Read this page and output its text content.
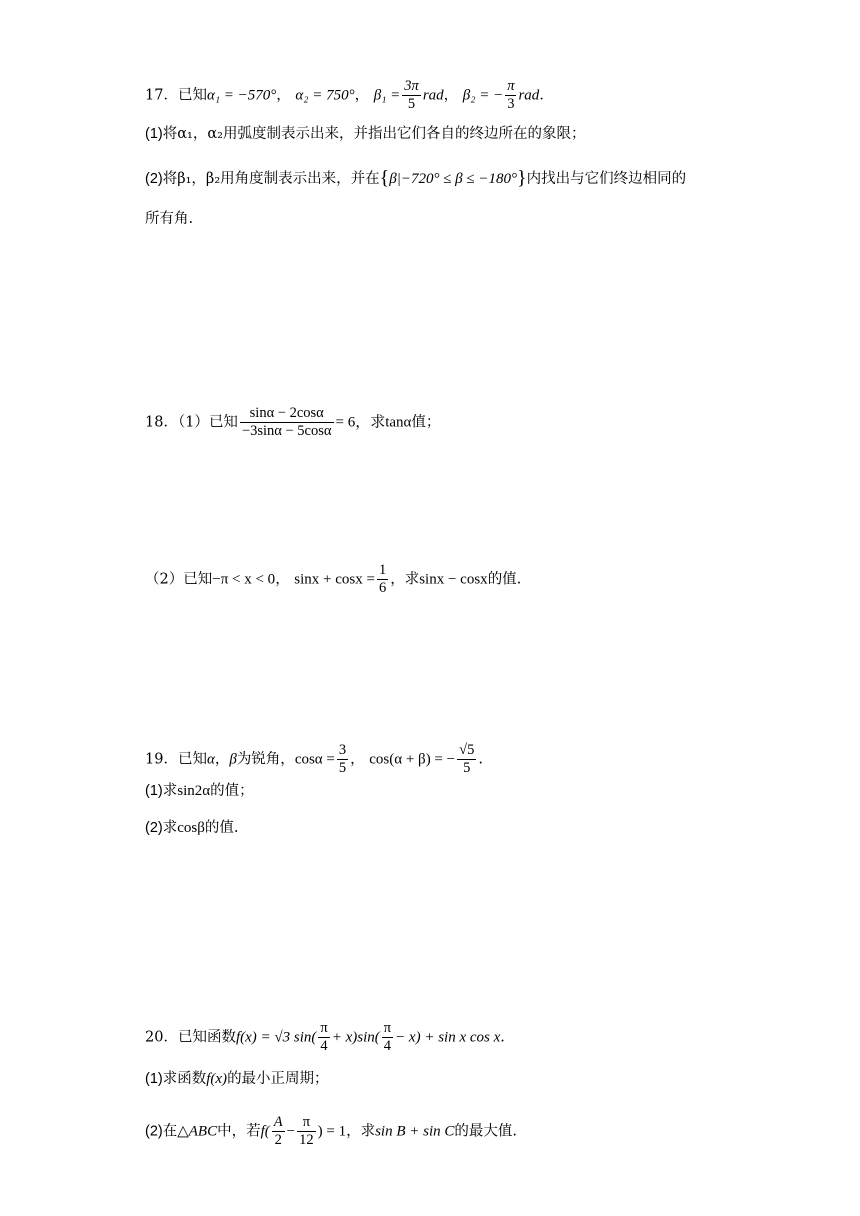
17．已知α₁ = −570°， α₂ = 750°， $\beta_1 = \frac{3\pi}{5}$ rad， β₂ = − $\frac{\pi}{3}$ rad．
(1)将α₁，α₂用弧度制表示出来，并指出它们各自的终边所在的象限；
(2)将β₁，β₂用角度制表示出来，并在{β|−720° ≤ β ≤ −180°}内找出与它们终边相同的
所有角.
18．（1）已知 $\frac{\sin\alpha - 2\cos\alpha}{-3\sin\alpha - 5\cos\alpha} = 6$，求tanα值；
（2）已知−π < x < 0， $\sin x + \cos x = \frac{1}{6}$ ，求sinx − cosx的值.
19．已知α，β为锐角，$\cos\alpha = \frac{3}{5}$ ， cos(α + β) = − $\frac{√5}{5}$ .
(1)求sin2α的值；
(2)求cosβ的值.
20．已知函数f(x) = √3 $\sin( \frac{\pi}{4} + x)\sin( \frac{\pi}{4} - x) + \sin x$ cos x.
(1)求函数f(x)的最小正周期；
(2)在△ABC中，若$f( \frac{A}{2} - \frac{\pi}{12}$ ) = 1，求sin B + sin C的最大值.
